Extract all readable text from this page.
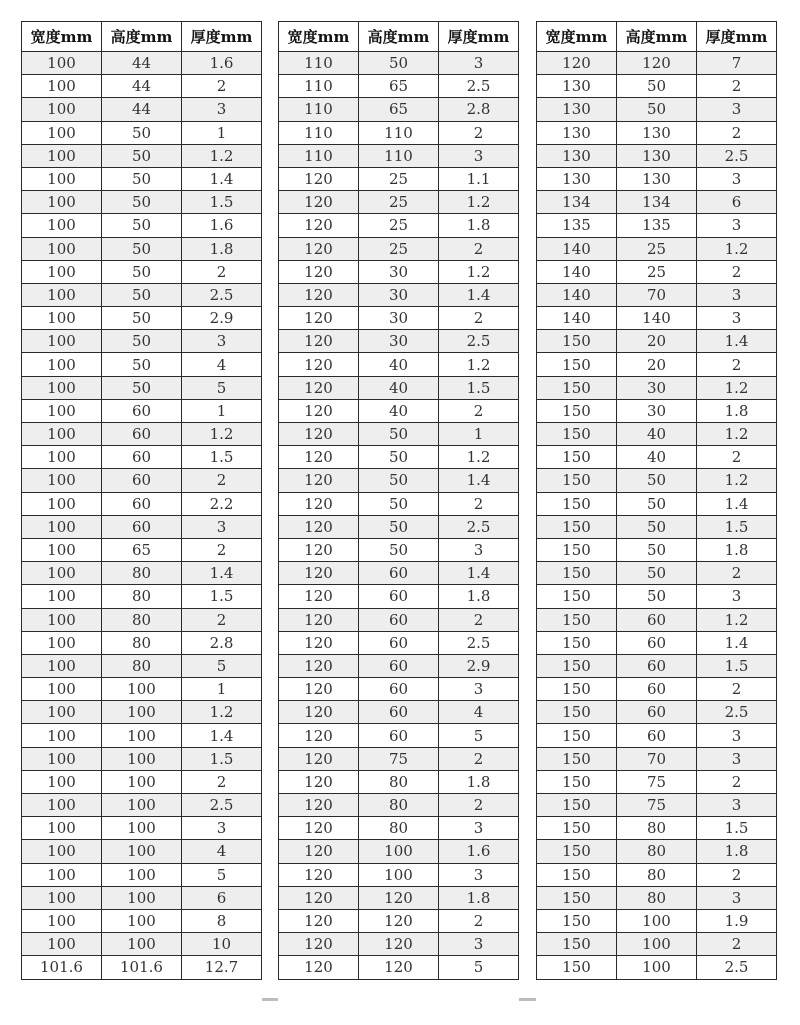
宽度mm	高度mm	厚度mm
100	44	1.6
100	44	2
100	44	3
100	50	1
100	50	1.2
100	50	1.4
100	50	1.5
100	50	1.6
100	50	1.8
100	50	2
100	50	2.5
100	50	2.9
100	50	3
100	50	4
100	50	5
100	60	1
100	60	1.2
100	60	1.5
100	60	2
100	60	2.2
100	60	3
100	65	2
100	80	1.4
100	80	1.5
100	80	2
100	80	2.8
100	80	5
100	100	1
100	100	1.2
100	100	1.4
100	100	1.5
100	100	2
100	100	2.5
100	100	3
100	100	4
100	100	5
100	100	6
100	100	8
100	100	10
101.6	101.6	12.7
宽度mm	高度mm	厚度mm
110	50	3
110	65	2.5
110	65	2.8
110	110	2
110	110	3
120	25	1.1
120	25	1.2
120	25	1.8
120	25	2
120	30	1.2
120	30	1.4
120	30	2
120	30	2.5
120	40	1.2
120	40	1.5
120	40	2
120	50	1
120	50	1.2
120	50	1.4
120	50	2
120	50	2.5
120	50	3
120	60	1.4
120	60	1.8
120	60	2
120	60	2.5
120	60	2.9
120	60	3
120	60	4
120	60	5
120	75	2
120	80	1.8
120	80	2
120	80	3
120	100	1.6
120	100	3
120	120	1.8
120	120	2
120	120	3
120	120	5
宽度mm	高度mm	厚度mm
120	120	7
130	50	2
130	50	3
130	130	2
130	130	2.5
130	130	3
134	134	6
135	135	3
140	25	1.2
140	25	2
140	70	3
140	140	3
150	20	1.4
150	20	2
150	30	1.2
150	30	1.8
150	40	1.2
150	40	2
150	50	1.2
150	50	1.4
150	50	1.5
150	50	1.8
150	50	2
150	50	3
150	60	1.2
150	60	1.4
150	60	1.5
150	60	2
150	60	2.5
150	60	3
150	70	3
150	75	2
150	75	3
150	80	1.5
150	80	1.8
150	80	2
150	80	3
150	100	1.9
150	100	2
150	100	2.5
